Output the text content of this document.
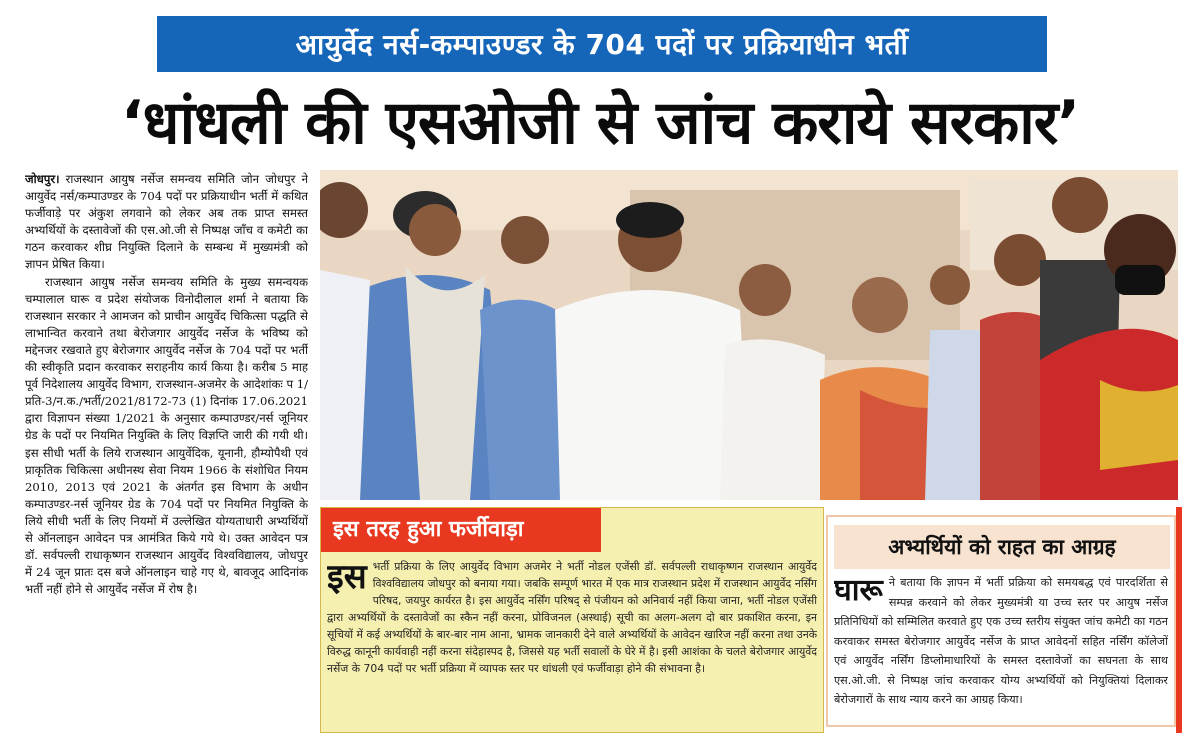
आयुर्वेद नर्स-कम्पाउण्डर के 704 पदों पर प्रक्रियाधीन भर्ती
‘धांधली की एसओजी से जांच कराये सरकार’

जोधपुर। राजस्थान आयुष नर्सेज समन्वय समिति जोन जोधपुर ने आयुर्वेद नर्स/कम्पाउण्डर के 704 पदों पर प्रक्रियाधीन भर्ती में कथित फर्जीवाड़े पर अंकुश लगवाने को लेकर अब तक प्राप्त समस्त अभ्यर्थियों के दस्तावेजों की एस.ओ.जी से निष्पक्ष जाँच व कमेटी का गठन करवाकर शीघ्र नियुक्ति दिलाने के सम्बन्ध में मुख्यमंत्री को ज्ञापन प्रेषित किया।

राजस्थान आयुष नर्सेज समन्वय समिति के मुख्य समन्वयक चम्पालाल घारू व प्रदेश संयोजक विनोदीलाल शर्मा ने बताया कि राजस्थान सरकार ने आमजन को प्राचीन आयुर्वेद चिकित्सा पद्धति से लाभान्वित करवाने तथा बेरोजगार आयुर्वेद नर्सेज के भविष्य को मद्देनजर रखवाते हुए बेरोजगार आयुर्वेद नर्सेज के 704 पदों पर भर्ती की स्वीकृति प्रदान करवाकर सराहनीय कार्य किया है। करीब 5 माह पूर्व निदेशालय आयुर्वेद विभाग, राजस्थान-अजमेर के आदेशांकः प 1/प्रति-3/न.क./भर्ती/2021/8172-73 (1) दिनांक 17.06.2021 द्वारा विज्ञापन संख्या 1/2021 के अनुसार कम्पाउण्डर/नर्स जूनियर ग्रेड के पदों पर नियमित नियुक्ति के लिए विज्ञप्ति जारी की गयी थी। इस सीधी भर्ती के लिये राजस्थान आयुर्वेदिक, यूनानी, हौम्योपैथी एवं प्राकृतिक चिकित्सा अधीनस्थ सेवा नियम 1966 के संशोधित नियम 2010, 2013 एवं 2021 के अंतर्गत इस विभाग के अधीन कम्पाउण्डर-नर्स जूनियर ग्रेड के 704 पदों पर नियमित नियुक्ति के लिये सीधी भर्ती के लिए नियमों में उल्लेखित योग्यताधारी अभ्यर्थियों से ऑनलाइन आवेदन पत्र आमंत्रित किये गये थे। उक्त आवेदन पत्र डॉ. सर्वपल्ली राधाकृष्णन राजस्थान आयुर्वेद विश्वविद्यालय, जोधपुर में 24 जून प्रातः दस बजे ऑनलाइन चाहे गए थे, बावजूद आदिनांक भर्ती नहीं होने से आयुर्वेद नर्सेज में रोष है।

इस तरह हुआ फर्जीवाड़ा
इस भर्ती प्रक्रिया के लिए आयुर्वेद विभाग अजमेर ने भर्ती नोडल एजेंसी डॉ. सर्वपल्ली राधाकृष्णन राजस्थान आयुर्वेद विश्वविद्यालय जोधपुर को बनाया गया। जबकि सम्पूर्ण भारत में एक मात्र राजस्थान प्रदेश में राजस्थान आयुर्वेद नर्सिंग परिषद, जयपुर कार्यरत है। इस आयुर्वेद नर्सिंग परिषद् से पंजीयन को अनिवार्य नहीं किया जाना, भर्ती नोडल एजेंसी द्वारा अभ्यर्थियों के दस्तावेजों का स्कैन नहीं करना, प्रोविजनल (अस्थाई) सूची का अलग-अलग दो बार प्रकाशित करना, इन सूचियों में कई अभ्यर्थियों के बार-बार नाम आना, भ्रामक जानकारी देने वाले अभ्यर्थियों के आवेदन खारिज नहीं करना तथा उनके विरुद्ध कानूनी कार्यवाही नहीं करना संदेहास्पद है, जिससे यह भर्ती सवालों के घेरे में है। इसी आशंका के चलते बेरोजगार आयुर्वेद नर्सेज के 704 पदों पर भर्ती प्रक्रिया में व्यापक स्तर पर धांधली एवं फर्जीवाड़ा होने की संभावना है।
अभ्यर्थियों को राहत का आग्रह
घारू ने बताया कि ज्ञापन में भर्ती प्रक्रिया को समयबद्ध एवं पारदर्शिता से सम्पन्न करवाने को लेकर मुख्यमंत्री या उच्च स्तर पर आयुष नर्सेज प्रतिनिधियों को सम्मिलित करवाते हुए एक उच्च स्तरीय संयुक्त जांच कमेटी का गठन करवाकर समस्त बेरोजगार आयुर्वेद नर्सेज के प्राप्त आवेदनों सहित नर्सिंग कॉलेजों एवं आयुर्वेद नर्सिंग डिप्लोमाधारियों के समस्त दस्तावेजों का सघनता के साथ एस.ओ.जी. से निष्पक्ष जांच करवाकर योग्य अभ्यर्थियों को नियुक्तियां दिलाकर बेरोजगारों के साथ न्याय करने का आग्रह किया।
